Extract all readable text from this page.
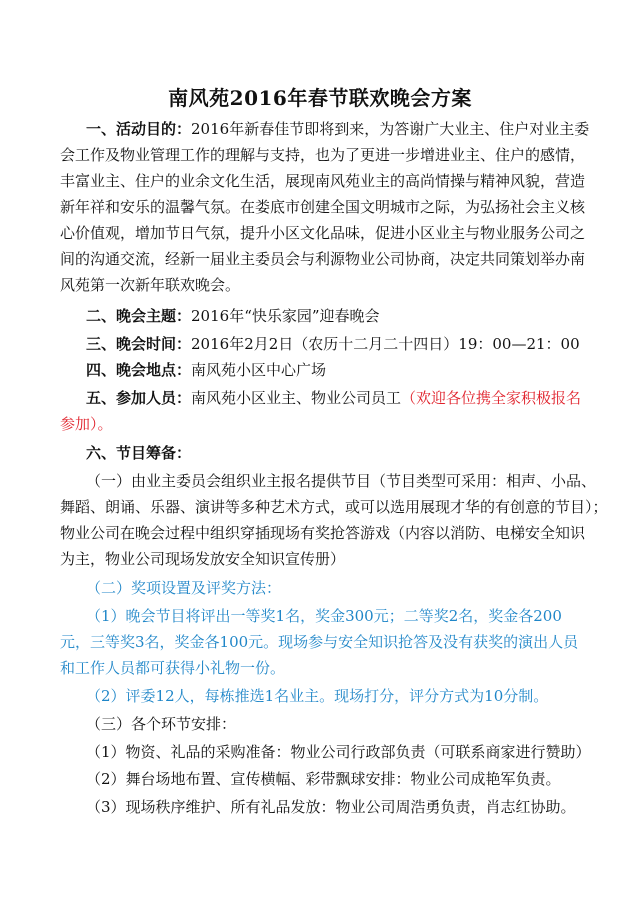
南风苑2016年春节联欢晚会方案
一、活动目的：2016年新春佳节即将到来，为答谢广大业主、住户对业主委
会工作及物业管理工作的理解与支持，也为了更进一步增进业主、住户的感情，
丰富业主、住户的业余文化生活，展现南风苑业主的高尚情操与精神风貌，营造
新年祥和安乐的温馨气氛。在娄底市创建全国文明城市之际，为弘扬社会主义核
心价值观，增加节日气氛，提升小区文化品味，促进小区业主与物业服务公司之
间的沟通交流，经新一届业主委员会与利源物业公司协商，决定共同策划举办南
风苑第一次新年联欢晚会。
二、晚会主题：2016年“快乐家园”迎春晚会
三、晚会时间：2016年2月2日（农历十二月二十四日）19：00—21：00
四、晚会地点：南风苑小区中心广场
五、参加人员：南风苑小区业主、物业公司员工（欢迎各位携全家积极报名
参加）。
六、节目筹备：
（一）由业主委员会组织业主报名提供节目（节目类型可采用：相声、小品、
舞蹈、朗诵、乐器、演讲等多种艺术方式，或可以选用展现才华的有创意的节目）；
物业公司在晚会过程中组织穿插现场有奖抢答游戏（内容以消防、电梯安全知识
为主，物业公司现场发放安全知识宣传册）
（二）奖项设置及评奖方法：
（1）晚会节目将评出一等奖1名，奖金300元；二等奖2名，奖金各200
元，三等奖3名，奖金各100元。现场参与安全知识抢答及没有获奖的演出人员
和工作人员都可获得小礼物一份。
（2）评委12人，每栋推选1名业主。现场打分，评分方式为10分制。
（三）各个环节安排：
（1）物资、礼品的采购准备：物业公司行政部负责（可联系商家进行赞助）
（2）舞台场地布置、宣传横幅、彩带飘球安排：物业公司成艳军负责。
（3）现场秩序维护、所有礼品发放：物业公司周浩勇负责，肖志红协助。
